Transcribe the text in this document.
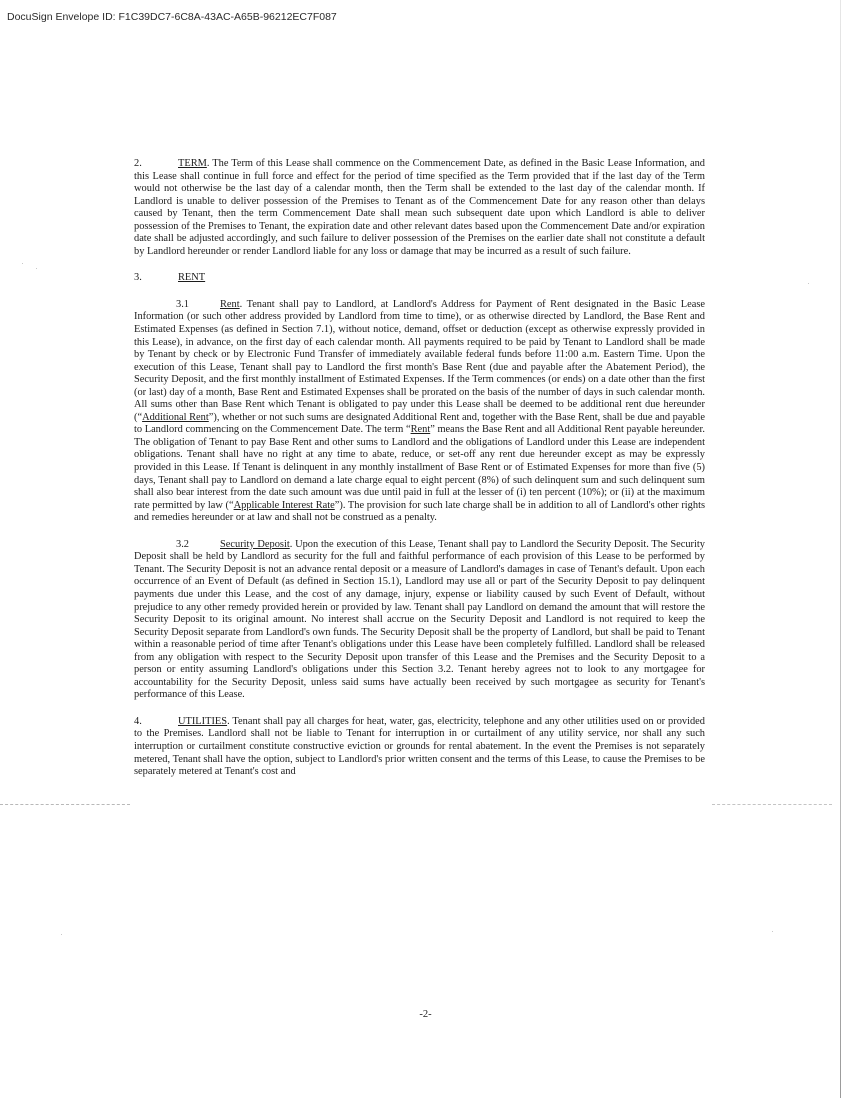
DocuSign Envelope ID: F1C39DC7-6C8A-43AC-A65B-96212EC7F087

2.	TERM. The Term of this Lease shall commence on the Commencement Date, as defined in the Basic Lease Information, and this Lease shall continue in full force and effect for the period of time specified as the Term provided that if the last day of the Term would not otherwise be the last day of a calendar month, then the Term shall be extended to the last day of the calendar month. If Landlord is unable to deliver possession of the Premises to Tenant as of the Commencement Date for any reason other than delays caused by Tenant, then the term Commencement Date shall mean such subsequent date upon which Landlord is able to deliver possession of the Premises to Tenant, the expiration date and other relevant dates based upon the Commencement Date and/or expiration date shall be adjusted accordingly, and such failure to deliver possession of the Premises on the earlier date shall not constitute a default by Landlord hereunder or render Landlord liable for any loss or damage that may be incurred as a result of such failure.

3.	RENT

3.1	Rent. Tenant shall pay to Landlord, at Landlord's Address for Payment of Rent designated in the Basic Lease Information (or such other address provided by Landlord from time to time), or as otherwise directed by Landlord, the Base Rent and Estimated Expenses (as defined in Section 7.1), without notice, demand, offset or deduction (except as otherwise expressly provided in this Lease), in advance, on the first day of each calendar month. All payments required to be paid by Tenant to Landlord shall be made by Tenant by check or by Electronic Fund Transfer of immediately available federal funds before 11:00 a.m. Eastern Time. Upon the execution of this Lease, Tenant shall pay to Landlord the first month's Base Rent (due and payable after the Abatement Period), the Security Deposit, and the first monthly installment of Estimated Expenses. If the Term commences (or ends) on a date other than the first (or last) day of a month, Base Rent and Estimated Expenses shall be prorated on the basis of the number of days in such calendar month. All sums other than Base Rent which Tenant is obligated to pay under this Lease shall be deemed to be additional rent due hereunder (“Additional Rent”), whether or not such sums are designated Additional Rent and, together with the Base Rent, shall be due and payable to Landlord commencing on the Commencement Date. The term “Rent” means the Base Rent and all Additional Rent payable hereunder. The obligation of Tenant to pay Base Rent and other sums to Landlord and the obligations of Landlord under this Lease are independent obligations. Tenant shall have no right at any time to abate, reduce, or set-off any rent due hereunder except as may be expressly provided in this Lease. If Tenant is delinquent in any monthly installment of Base Rent or of Estimated Expenses for more than five (5) days, Tenant shall pay to Landlord on demand a late charge equal to eight percent (8%) of such delinquent sum and such delinquent sum shall also bear interest from the date such amount was due until paid in full at the lesser of (i) ten percent (10%); or (ii) at the maximum rate permitted by law (“Applicable Interest Rate”). The provision for such late charge shall be in addition to all of Landlord's other rights and remedies hereunder or at law and shall not be construed as a penalty.

3.2	Security Deposit. Upon the execution of this Lease, Tenant shall pay to Landlord the Security Deposit. The Security Deposit shall be held by Landlord as security for the full and faithful performance of each provision of this Lease to be performed by Tenant. The Security Deposit is not an advance rental deposit or a measure of Landlord's damages in case of Tenant's default. Upon each occurrence of an Event of Default (as defined in Section 15.1), Landlord may use all or part of the Security Deposit to pay delinquent payments due under this Lease, and the cost of any damage, injury, expense or liability caused by such Event of Default, without prejudice to any other remedy provided herein or provided by law. Tenant shall pay Landlord on demand the amount that will restore the Security Deposit to its original amount. No interest shall accrue on the Security Deposit and Landlord is not required to keep the Security Deposit separate from Landlord's own funds. The Security Deposit shall be the property of Landlord, but shall be paid to Tenant within a reasonable period of time after Tenant's obligations under this Lease have been completely fulfilled. Landlord shall be released from any obligation with respect to the Security Deposit upon transfer of this Lease and the Premises and the Security Deposit to a person or entity assuming Landlord's obligations under this Section 3.2. Tenant hereby agrees not to look to any mortgagee for accountability for the Security Deposit, unless said sums have actually been received by such mortgagee as security for Tenant's performance of this Lease.

4.	UTILITIES. Tenant shall pay all charges for heat, water, gas, electricity, telephone and any other utilities used on or provided to the Premises. Landlord shall not be liable to Tenant for interruption in or curtailment of any utility service, nor shall any such interruption or curtailment constitute constructive eviction or grounds for rental abatement. In the event the Premises is not separately metered, Tenant shall have the option, subject to Landlord's prior written consent and the terms of this Lease, to cause the Premises to be separately metered at Tenant's cost and

-2-
